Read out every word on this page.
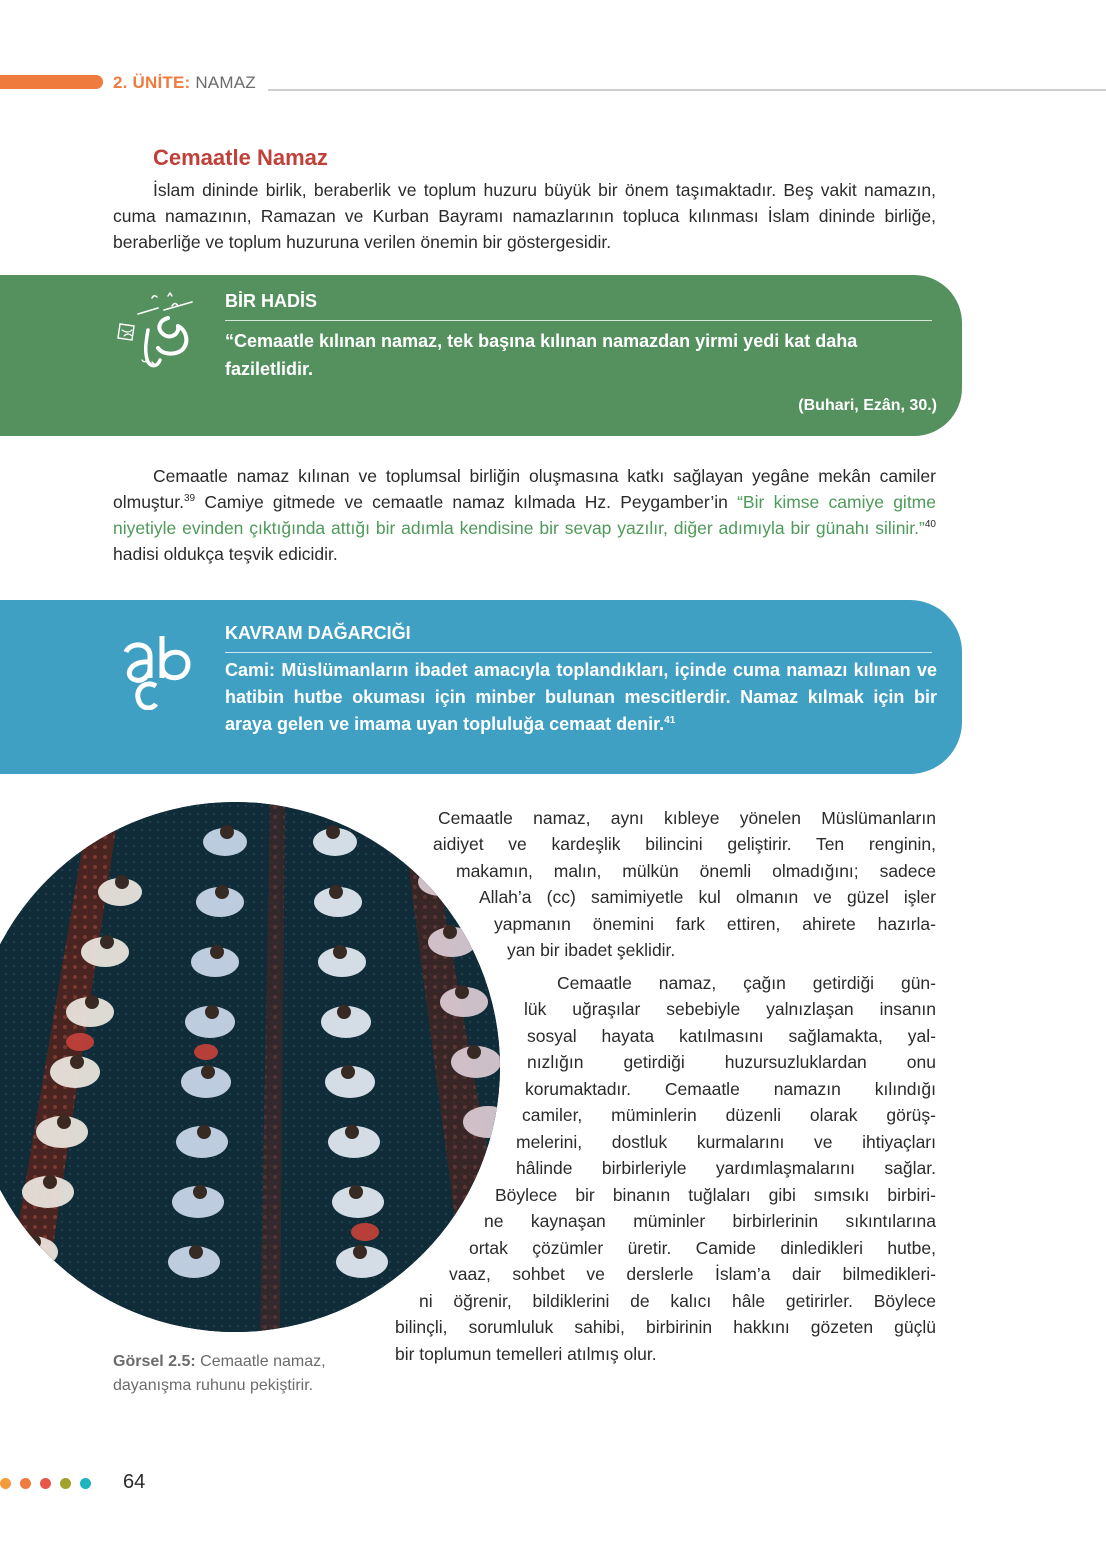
2. ÜNİTE: NAMAZ
Cemaatle Namaz
İslam dininde birlik, beraberlik ve toplum huzuru büyük bir önem taşımaktadır. Beş vakit namazın, cuma namazının, Ramazan ve Kurban Bayramı namazlarının topluca kılınması İslam dininde birliğe, beraberliğe ve toplum huzuruna verilen önemin bir göstergesidir.
BİR HADİS
“Cemaatle kılınan namaz, tek başına kılınan namazdan yirmi yedi kat daha faziletlidir.
(Buhari, Ezân, 30.)
Cemaatle namaz kılınan ve toplumsal birliğin oluşmasına katkı sağlayan yegâne mekân camiler olmuştur.$^{39}$ Camiye gitmede ve cemaatle namaz kılmada Hz. Peygamber’in “Bir kimse camiye gitme niyetiyle evinden çıktığında attığı bir adımla kendisine bir sevap yazılır, diğer adımıyla bir günahı silinir.”$^{40}$ hadisi oldukça teşvik edicidir.
KAVRAM DAĞARCIĞI
Cami: Müslümanların ibadet amacıyla toplandıkları, içinde cuma namazı kılınan ve hatibin hutbe okuması için minber bulunan mescitlerdir. Namaz kılmak için bir araya gelen ve imama uyan topluluğa cemaat denir.$^{41}$
Cemaatle namaz, aynı kıbleye yönelen Müslümanların
aidiyet ve kardeşlik bilincini geliştirir. Ten renginin,
makamın, malın, mülkün önemli olmadığını; sadece
Allah’a (cc) samimiyetle kul olmanın ve güzel işler
yapmanın önemini fark ettiren, ahirete hazırla-
yan bir ibadet şeklidir.
Cemaatle namaz, çağın getirdiği gün-
lük uğraşılar sebebiyle yalnızlaşan insanın
sosyal hayata katılmasını sağlamakta, yal-
nızlığın getirdiği huzursuzluklardan onu
korumaktadır. Cemaatle namazın kılındığı
camiler, müminlerin düzenli olarak görüş-
melerini, dostluk kurmalarını ve ihtiyaçları
hâlinde birbirleriyle yardımlaşmalarını sağlar.
Böylece bir binanın tuğlaları gibi sımsıkı birbiri-
ne kaynaşan müminler birbirlerinin sıkıntılarına
ortak çözümler üretir. Camide dinledikleri hutbe,
vaaz, sohbet ve derslerle İslam’a dair bilmedikleri-
ni öğrenir, bildiklerini de kalıcı hâle getirirler. Böylece
bilinçli, sorumluluk sahibi, birbirinin hakkını gözeten güçlü
bir toplumun temelleri atılmış olur.
Görsel 2.5: Cemaatle namaz, dayanışma ruhunu pekiştirir.
64
